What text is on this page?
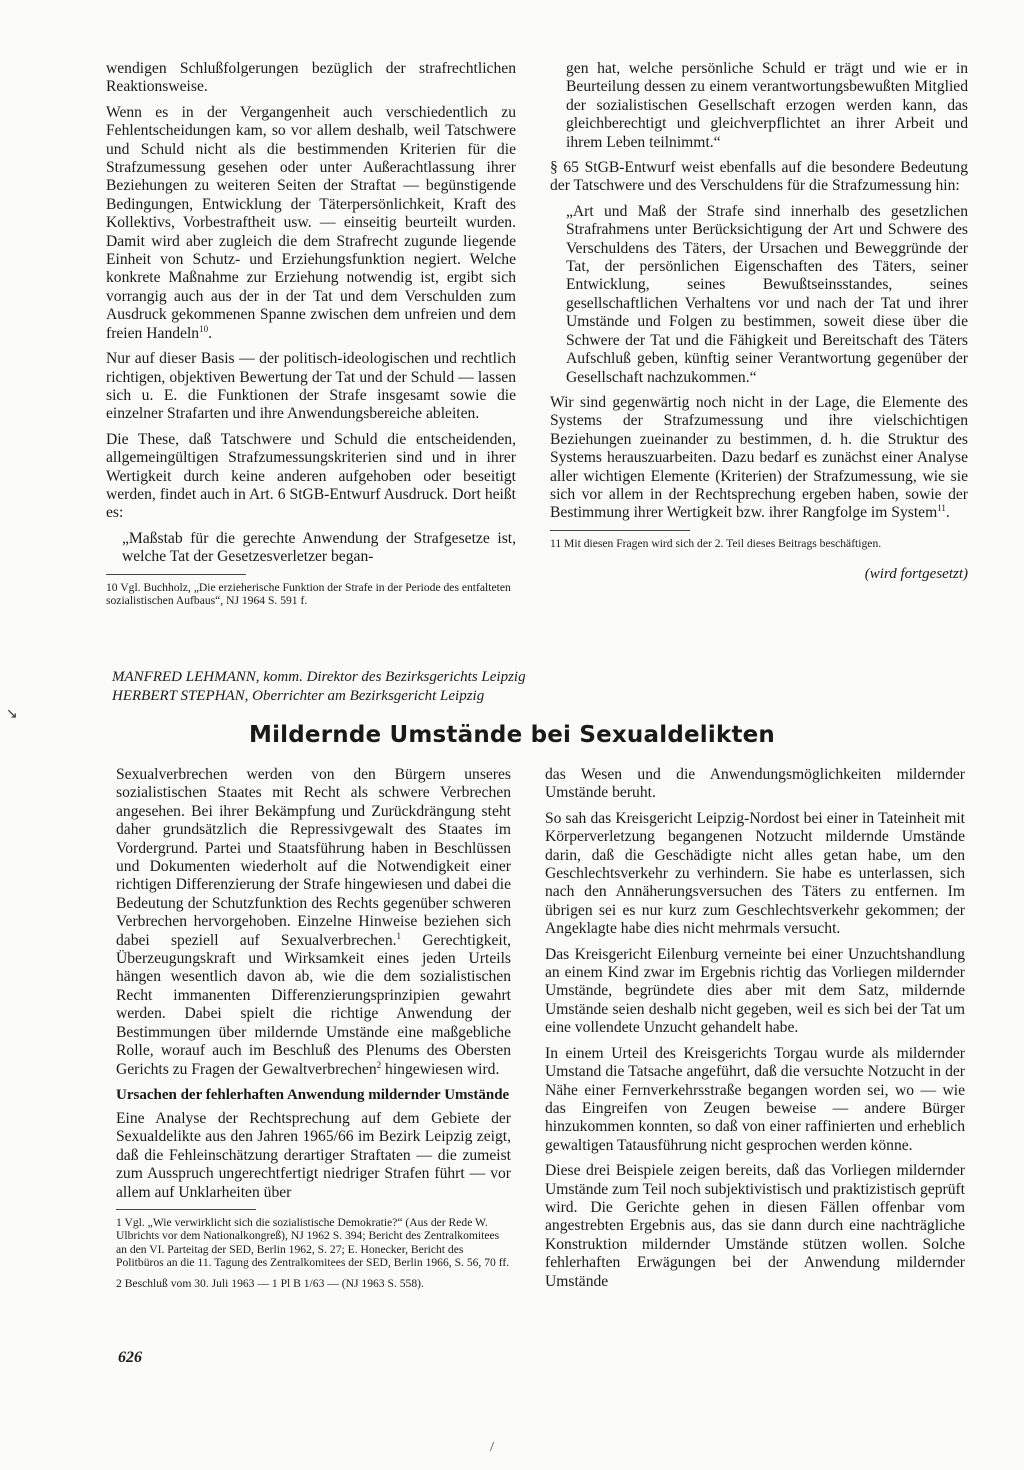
wendigen Schlußfolgerungen bezüglich der strafrechtlichen Reaktionsweise.

Wenn es in der Vergangenheit auch verschiedentlich zu Fehlentscheidungen kam, so vor allem deshalb, weil Tatschwere und Schuld nicht als die bestimmenden Kriterien für die Strafzumessung gesehen oder unter Außerachtlassung ihrer Beziehungen zu weiteren Seiten der Straftat — begünstigende Bedingungen, Entwicklung der Täterpersönlichkeit, Kraft des Kollektivs, Vorbestraftheit usw. — einseitig beurteilt wurden. Damit wird aber zugleich die dem Strafrecht zugunde liegende Einheit von Schutz- und Erziehungsfunktion negiert. Welche konkrete Maßnahme zur Erziehung notwendig ist, ergibt sich vorrangig auch aus der in der Tat und dem Verschulden zum Ausdruck gekommenen Spanne zwischen dem unfreien und dem freien Handeln$^{10}$.

Nur auf dieser Basis — der politisch-ideologischen und rechtlich richtigen, objektiven Bewertung der Tat und der Schuld — lassen sich u. E. die Funktionen der Strafe insgesamt sowie die einzelner Strafarten und ihre Anwendungsbereiche ableiten.

Die These, daß Tatschwere und Schuld die entscheidenden, allgemeingültigen Strafzumessungskriterien sind und in ihrer Wertigkeit durch keine anderen aufgehoben oder beseitigt werden, findet auch in Art. 6 StGB-Entwurf Ausdruck. Dort heißt es:

„Maßstab für die gerechte Anwendung der Strafgesetze ist, welche Tat der Gesetzesverletzer began-

10 Vgl. Buchholz, „Die erzieherische Funktion der Strafe in der Periode des entfalteten sozialistischen Aufbaus“, NJ 1964 S. 591 f.

gen hat, welche persönliche Schuld er trägt und wie er in Beurteilung dessen zu einem verantwortungsbewußten Mitglied der sozialistischen Gesellschaft erzogen werden kann, das gleichberechtigt und gleichverpflichtet an ihrer Arbeit und ihrem Leben teilnimmt.“

§ 65 StGB-Entwurf weist ebenfalls auf die besondere Bedeutung der Tatschwere und des Verschuldens für die Strafzumessung hin:

„Art und Maß der Strafe sind innerhalb des gesetzlichen Strafrahmens unter Berücksichtigung der Art und Schwere des Verschuldens des Täters, der Ursachen und Beweggründe der Tat, der persönlichen Eigenschaften des Täters, seiner Entwicklung, seines Bewußtseinsstandes, seines gesellschaftlichen Verhaltens vor und nach der Tat und ihrer Umstände und Folgen zu bestimmen, soweit diese über die Schwere der Tat und die Fähigkeit und Bereitschaft des Täters Aufschluß geben, künftig seiner Verantwortung gegenüber der Gesellschaft nachzukommen.“

Wir sind gegenwärtig noch nicht in der Lage, die Elemente des Systems der Strafzumessung und ihre vielschichtigen Beziehungen zueinander zu bestimmen, d. h. die Struktur des Systems herauszuarbeiten. Dazu bedarf es zunächst einer Analyse aller wichtigen Elemente (Kriterien) der Strafzumessung, wie sie sich vor allem in der Rechtsprechung ergeben haben, sowie der Bestimmung ihrer Wertigkeit bzw. ihrer Rangfolge im System$^{11}$.

11 Mit diesen Fragen wird sich der 2. Teil dieses Beitrags beschäftigen.

(wird fortgesetzt)
MANFRED LEHMANN, komm. Direktor des Bezirksgerichts Leipzig
HERBERT STEPHAN, Oberrichter am Bezirksgericht Leipzig
↘
Mildernde Umstände bei Sexualdelikten

Sexualverbrechen werden von den Bürgern unseres sozialistischen Staates mit Recht als schwere Verbrechen angesehen. Bei ihrer Bekämpfung und Zurückdrängung steht daher grundsätzlich die Repressivgewalt des Staates im Vordergrund. Partei und Staatsführung haben in Beschlüssen und Dokumenten wiederholt auf die Notwendigkeit einer richtigen Differenzierung der Strafe hingewiesen und dabei die Bedeutung der Schutzfunktion des Rechts gegenüber schweren Verbrechen hervorgehoben. Einzelne Hinweise beziehen sich dabei speziell auf Sexualverbrechen.$^1$ Gerechtigkeit, Überzeugungskraft und Wirksamkeit eines jeden Urteils hängen wesentlich davon ab, wie die dem sozialistischen Recht immanenten Differenzierungsprinzipien gewahrt werden. Dabei spielt die richtige Anwendung der Bestimmungen über mildernde Umstände eine maßgebliche Rolle, worauf auch im Beschluß des Plenums des Obersten Gerichts zu Fragen der Gewaltverbrechen$^2$ hingewiesen wird.

Ursachen der fehlerhaften Anwendung mildernder Umstände

Eine Analyse der Rechtsprechung auf dem Gebiete der Sexualdelikte aus den Jahren 1965/66 im Bezirk Leipzig zeigt, daß die Fehleinschätzung derartiger Straftaten — die zumeist zum Ausspruch ungerechtfertigt niedriger Strafen führt — vor allem auf Unklarheiten über

1 Vgl. „Wie verwirklicht sich die sozialistische Demokratie?“ (Aus der Rede W. Ulbrichts vor dem Nationalkongreß), NJ 1962 S. 394; Bericht des Zentralkomitees an den VI. Parteitag der SED, Berlin 1962, S. 27; E. Honecker, Bericht des Politbüros an die 11. Tagung des Zentralkomitees der SED, Berlin 1966, S. 56, 70 ff.

2 Beschluß vom 30. Juli 1963 — 1 Pl B 1/63 — (NJ 1963 S. 558).

das Wesen und die Anwendungsmöglichkeiten mildernder Umstände beruht.

So sah das Kreisgericht Leipzig-Nordost bei einer in Tateinheit mit Körperverletzung begangenen Notzucht mildernde Umstände darin, daß die Geschädigte nicht alles getan habe, um den Geschlechtsverkehr zu verhindern. Sie habe es unterlassen, sich nach den Annäherungsversuchen des Täters zu entfernen. Im übrigen sei es nur kurz zum Geschlechtsverkehr gekommen; der Angeklagte habe dies nicht mehrmals versucht.

Das Kreisgericht Eilenburg verneinte bei einer Unzuchtshandlung an einem Kind zwar im Ergebnis richtig das Vorliegen mildernder Umstände, begründete dies aber mit dem Satz, mildernde Umstände seien deshalb nicht gegeben, weil es sich bei der Tat um eine vollendete Unzucht gehandelt habe.

In einem Urteil des Kreisgerichts Torgau wurde als mildernder Umstand die Tatsache angeführt, daß die versuchte Notzucht in der Nähe einer Fernverkehrsstraße begangen worden sei, wo — wie das Eingreifen von Zeugen beweise — andere Bürger hinzukommen konnten, so daß von einer raffinierten und erheblich gewaltigen Tatausführung nicht gesprochen werden könne.

Diese drei Beispiele zeigen bereits, daß das Vorliegen mildernder Umstände zum Teil noch subjektivistisch und praktizistisch geprüft wird. Die Gerichte gehen in diesen Fällen offenbar vom angestrebten Ergebnis aus, das sie dann durch eine nachträgliche Konstruktion mildernder Umstände stützen wollen. Solche fehlerhaften Erwägungen bei der Anwendung mildernder Umstände

626
/
